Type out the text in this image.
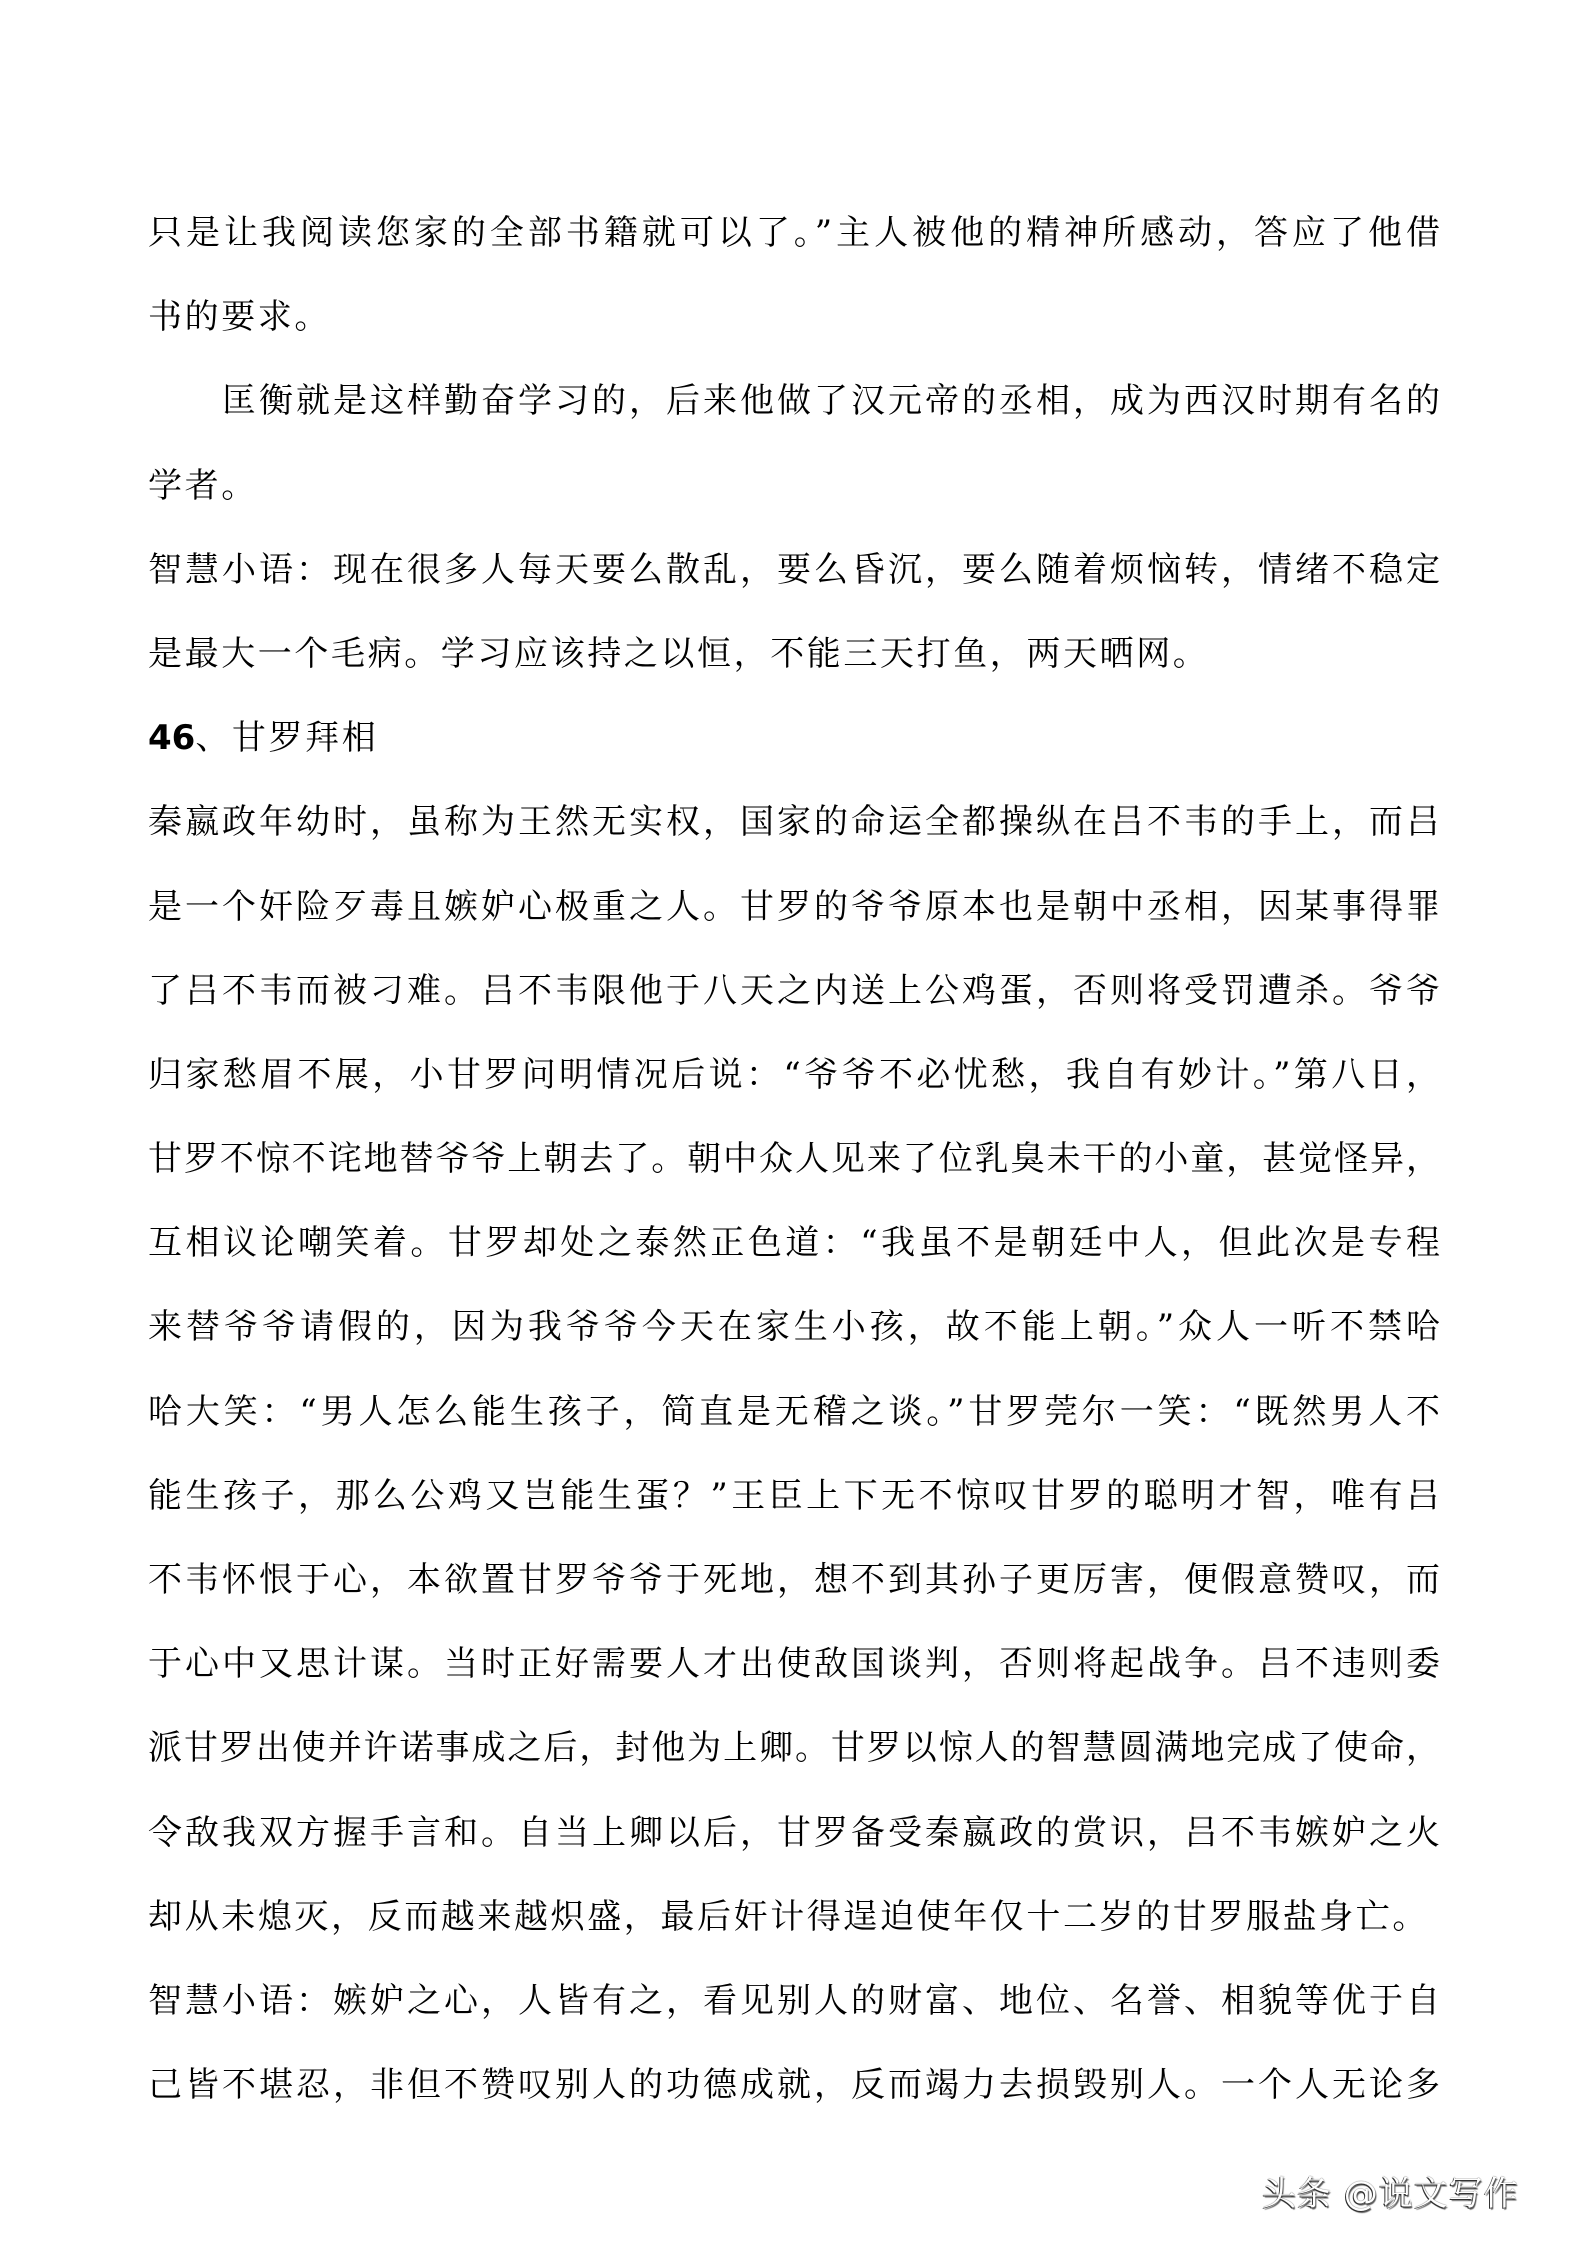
只是让我阅读您家的全部书籍就可以了。”主人被他的精神所感动，答应了他借
书的要求。
匡衡就是这样勤奋学习的，后来他做了汉元帝的丞相，成为西汉时期有名的
学者。
智慧小语：现在很多人每天要么散乱，要么昏沉，要么随着烦恼转，情绪不稳定
是最大一个毛病。学习应该持之以恒，不能三天打鱼，两天晒网。
46、甘罗拜相
秦嬴政年幼时，虽称为王然无实权，国家的命运全都操纵在吕不韦的手上，而吕
是一个奸险歹毒且嫉妒心极重之人。甘罗的爷爷原本也是朝中丞相，因某事得罪
了吕不韦而被刁难。吕不韦限他于八天之内送上公鸡蛋，否则将受罚遭杀。爷爷
归家愁眉不展，小甘罗问明情况后说：“爷爷不必忧愁，我自有妙计。”第八日，
甘罗不惊不诧地替爷爷上朝去了。朝中众人见来了位乳臭未干的小童，甚觉怪异，
互相议论嘲笑着。甘罗却处之泰然正色道：“我虽不是朝廷中人，但此次是专程
来替爷爷请假的，因为我爷爷今天在家生小孩，故不能上朝。”众人一听不禁哈
哈大笑：“男人怎么能生孩子，简直是无稽之谈。”甘罗莞尔一笑：“既然男人不
能生孩子，那么公鸡又岂能生蛋？”王臣上下无不惊叹甘罗的聪明才智，唯有吕
不韦怀恨于心，本欲置甘罗爷爷于死地，想不到其孙子更厉害，便假意赞叹，而
于心中又思计谋。当时正好需要人才出使敌国谈判，否则将起战争。吕不违则委
派甘罗出使并许诺事成之后，封他为上卿。甘罗以惊人的智慧圆满地完成了使命，
令敌我双方握手言和。自当上卿以后，甘罗备受秦嬴政的赏识，吕不韦嫉妒之火
却从未熄灭，反而越来越炽盛，最后奸计得逞迫使年仅十二岁的甘罗服盐身亡。
智慧小语：嫉妒之心，人皆有之，看见别人的财富、地位、名誉、相貌等优于自
己皆不堪忍，非但不赞叹别人的功德成就，反而竭力去损毁别人。一个人无论多
头条 @说文写作
